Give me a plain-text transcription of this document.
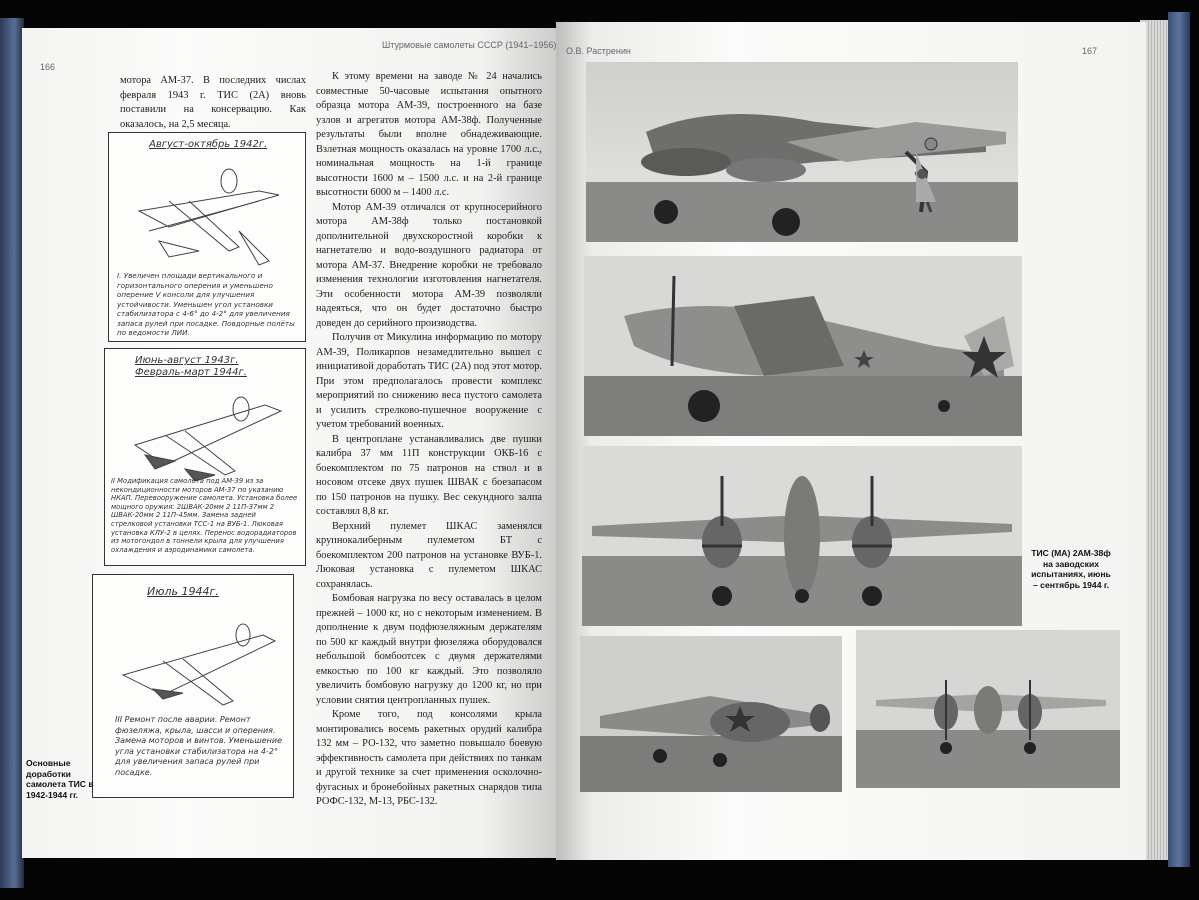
166
Штурмовые самолеты СССР (1941–1956)

мотора АМ-37. В последних числах февраля 1943 г. ТИС (2А) вновь поставили на консервацию. Как оказалось, на 2,5 месяца.

К этому времени на заводе № 24 начались совместные 50-часовые испытания опытного образца мотора АМ-39, построенного на базе узлов и агрегатов мотора АМ-38ф. Полученные результаты были вполне обнадеживающие. Взлетная мощность оказалась на уровне 1700 л.с., номинальная мощность на 1-й границе высотности 1600 м – 1500 л.с. и на 2-й границе высотности 6000 м – 1400 л.с.

Мотор АМ-39 отличался от крупносерийного мотора АМ-38ф только постановкой дополнительной двухскоростной коробки к нагнетателю и водо-воздушного радиатора от мотора АМ-37. Внедрение коробки не требовало изменения технологии изготовления нагнетателя. Эти особенности мотора АМ-39 позволяли надеяться, что он будет достаточно быстро доведен до серийного производства.

Получив от Микулина информацию по мотору АМ-39, Поликарпов незамедлительно вышел с инициативой доработать ТИС (2А) под этот мотор. При этом предполагалось провести комплекс мероприятий по снижению веса пустого самолета и усилить стрелково-пушечное вооружение с учетом требований военных.

В центроплане устанавливались две пушки калибра 37 мм 11П конструкции ОКБ-16 с боекомплектом по 75 патронов на ствол и в носовом отсеке двух пушек ШВАК с боезапасом по 150 патронов на пушку. Вес секундного залпа составлял 8,8 кг.

Верхний пулемет ШКАС заменялся крупнокалиберным пулеметом БТ с боекомплектом 200 патронов на установке ВУБ-1. Люковая установка с пулеметом ШКАС сохранялась.

Бомбовая нагрузка по весу оставалась в целом прежней – 1000 кг, но с некоторым изменением. В дополнение к двум подфюзеляжным держателям по 500 кг каждый внутри фюзеляжа оборудовался небольшой бомбоотсек с двумя держателями емкостью по 100 кг каждый. Это позволяло увеличить бомбовую нагрузку до 1200 кг, но при условии снятия центропланных пушек.

Кроме того, под консолями крыла монтировались восемь ракетных орудий калибра 132 мм – РО-132, что заметно повышало боевую эффективность самолета при действиях по танкам и другой технике за счет применения осколочно-фугасных и бронебойных ракетных снарядов типа РОФС-132, М-13, РБС-132.

Август-октябрь 1942г.
I. Увеличен площади вертикального и горизонтального оперения и уменьшено оперение V консоли для улучшения устойчивости. Уменьшен угол установки стабилизатора с 4-6° до 4-2° для увеличения запаса рулей при посадке. Повдорные полёты по ведомости ЛИИ.
Июнь-август 1943г. Февраль-март 1944г.
II Модификация самолета под АМ-39 из за некондиционности моторов АМ-37 по указанию НКАП. Перевооружение самолета. Установка более мощного оружия: 2ШВАК-20мм 2 11П-37мм 2 ШВАК-20мм 2 11П-45мм. Замена задней стрелковой установки ТСС-1 на ВУБ-1. Люковая установка КЛУ-2 в целях. Перенос водорадиаторов из мотогондол в тоннели крыла для улучшения охлаждения и аэродинамики самолета.
Июль 1944г.
III Ремонт после аварии. Ремонт фюзеляжа, крыла, шасси и оперения. Замена моторов и винтов. Уменьшение угла установки стабилизатора на 4-2° для увеличения запаса рулей при посадке.
Основные доработки самолета ТИС в 1942-1944 гг.
О.В. Растренин	167
ТИС (МА) 2АМ-38ф на заводских испытаниях, июнь – сентябрь 1944 г.
